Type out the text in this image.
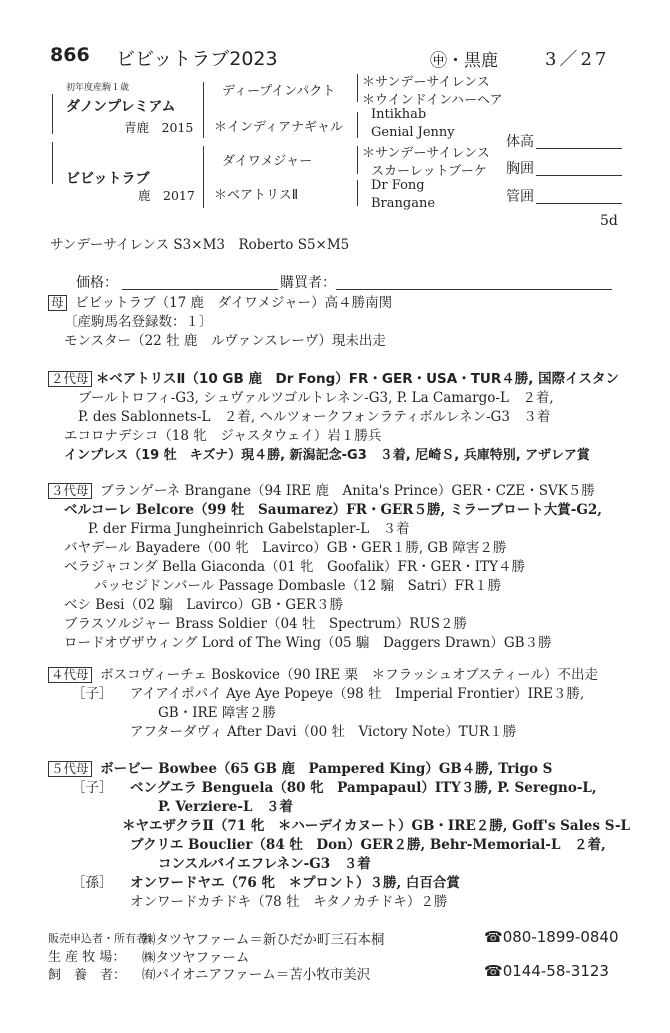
866 ビビットラブ2023	㊥・黒鹿	3／27
初年度産駒１歳
ダノンプレミアム
青鹿　2015
ビビットラブ
鹿　2017
ディープインパクト
＊インディアナギャル
ダイワメジャー
＊ベアトリスⅡ
＊サンデーサイレンス
＊ウインドインハーヘア
Intikhab
Genial Jenny
＊サンデーサイレンス
スカーレットブーケ
Dr Fong
Brangane
体高
胸囲
管囲
5d
サンデーサイレンス S3×M3　Roberto S5×M5
価格：	購買者：
母 ビビットラブ（17 鹿　ダイワメジャー）高４勝南関
〔産駒馬名登録数：１〕
モンスター（22 牡 鹿　ルヴァンスレーヴ）現未出走
２代母 ＊ベアトリスⅡ（10 GB 鹿　Dr Fong）FR・GER・USA・TUR４勝, 国際イスタン
ブールトロフィ-G3, シュヴァルツゴルトレネン-G3, P. La Camargo-L　２着,
P. des Sablonnets-L　２着, ヘルツォークフォンラティボルレネン-G3　３着
エコロナデシコ（18 牝　ジャスタウェイ）岩１勝兵
インプレス（19 牡　キズナ）現４勝, 新潟記念-G3　３着, 尼崎Ｓ, 兵庫特別, アザレア賞
３代母 ブランゲーネ Brangane（94 IRE 鹿　Anita's Prince）GER・CZE・SVK５勝
ベルコーレ Belcore（99 牡　Saumarez）FR・GER５勝, ミラーブロート大賞-G2,
P. der Firma Jungheinrich Gabelstapler-L　３着
バヤデール Bayadere（00 牝　Lavirco）GB・GER１勝, GB 障害２勝
ベラジャコンダ Bella Giaconda（01 牝　Goofalik）FR・GER・ITY４勝
パッセジドンバール Passage Dombasle（12 騸　Satri）FR１勝
ベシ Besi（02 騸　Lavirco）GB・GER３勝
ブラスソルジャー Brass Soldier（04 牡　Spectrum）RUS２勝
ロードオヴザウィング Lord of The Wing（05 騸　Daggers Drawn）GB３勝
４代母 ボスコヴィーチェ Boskovice（90 IRE 栗　＊フラッシュオブスティール）不出走
［子］	アイアイポパイ Aye Aye Popeye（98 牡　Imperial Frontier）IRE３勝,
GB・IRE 障害２勝
アフターダヴィ After Davi（00 牡　Victory Note）TUR１勝
５代母 ボービー Bowbee（65 GB 鹿　Pampered King）GB４勝, Trigo S
［子］	ベングエラ Benguela（80 牝　Pampapaul）ITY３勝, P. Seregno-L,
P. Verziere-L　３着
＊ヤエザクラⅡ（71 牝　＊ハーデイカヌート）GB・IRE２勝, Goff's Sales S-L
ブクリエ Bouclier（84 牡　Don）GER２勝, Behr-Memorial-L　２着,
コンスルバイエフレネン-G3　３着
［孫］	オンワードヤエ（76 牝　＊プロント）３勝, 白百合賞
オンワードカチドキ（78 牡　キタノカチドキ）２勝
販売申込者・所有者：
㈱タツヤファーム＝新ひだか町三石本桐	☎080-1899-0840
生 産 牧 場： ㈱タツヤファーム
飼　養　者： ㈲パイオニアファーム＝苫小牧市美沢	☎0144-58-3123
